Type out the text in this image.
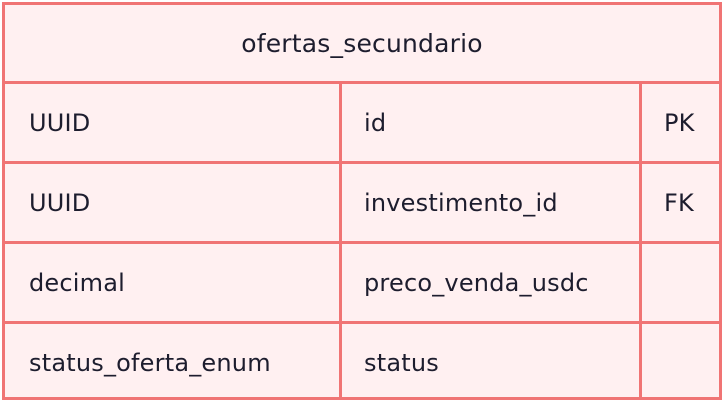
ofertas_secundario
UUID	id	PK
UUID	investimento_id	FK
decimal	preco_venda_usdc
status_oferta_enum	status
